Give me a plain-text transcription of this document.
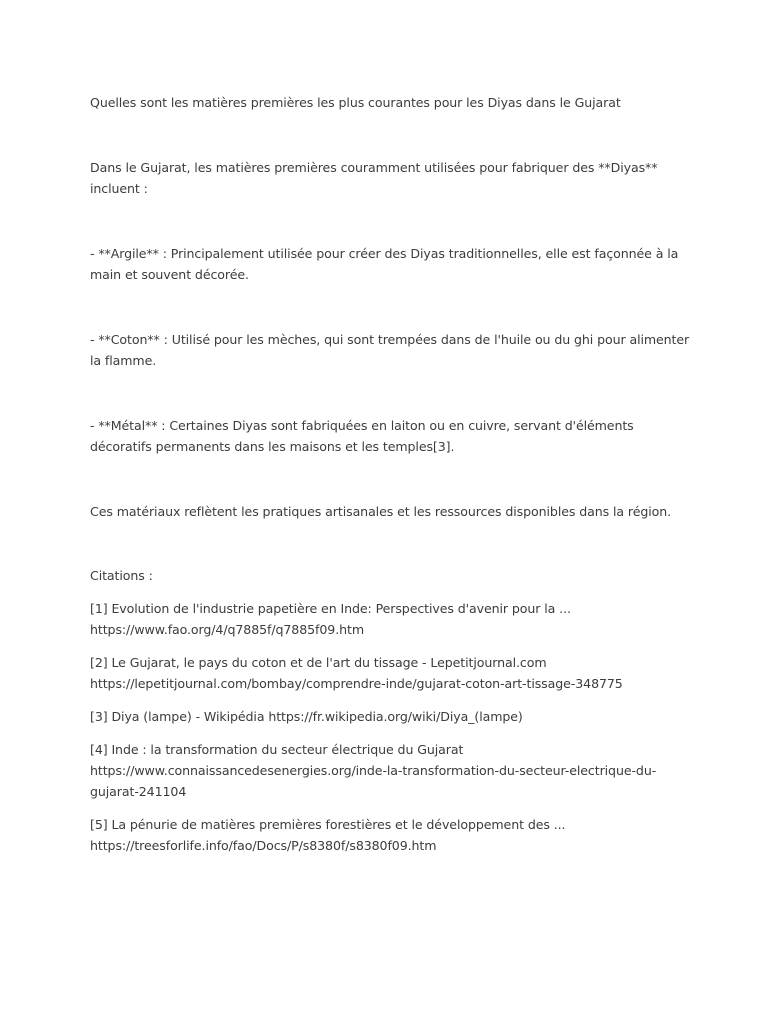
Quelles sont les matières premières les plus courantes pour les Diyas dans le Gujarat

Dans le Gujarat, les matières premières couramment utilisées pour fabriquer des **Diyas** incluent :

- **Argile** : Principalement utilisée pour créer des Diyas traditionnelles, elle est façonnée à la main et souvent décorée.

- **Coton** : Utilisé pour les mèches, qui sont trempées dans de l'huile ou du ghi pour alimenter la flamme.

- **Métal** : Certaines Diyas sont fabriquées en laiton ou en cuivre, servant d'éléments décoratifs permanents dans les maisons et les temples[3].

Ces matériaux reflètent les pratiques artisanales et les ressources disponibles dans la région.

Citations :

[1] Evolution de l'industrie papetière en Inde: Perspectives d'avenir pour la ...
https://www.fao.org/4/q7885f/q7885f09.htm
[2] Le Gujarat, le pays du coton et de l'art du tissage - Lepetitjournal.com
https://lepetitjournal.com/bombay/comprendre-inde/gujarat-coton-art-tissage-348775
[3] Diya (lampe) - Wikipédia https://fr.wikipedia.org/wiki/Diya_(lampe)
[4] Inde : la transformation du secteur électrique du Gujarat
https://www.connaissancedesenergies.org/inde-la-transformation-du-secteur-electrique-du-gujarat-241104
[5] La pénurie de matières premières forestières et le développement des ...
https://treesforlife.info/fao/Docs/P/s8380f/s8380f09.htm
